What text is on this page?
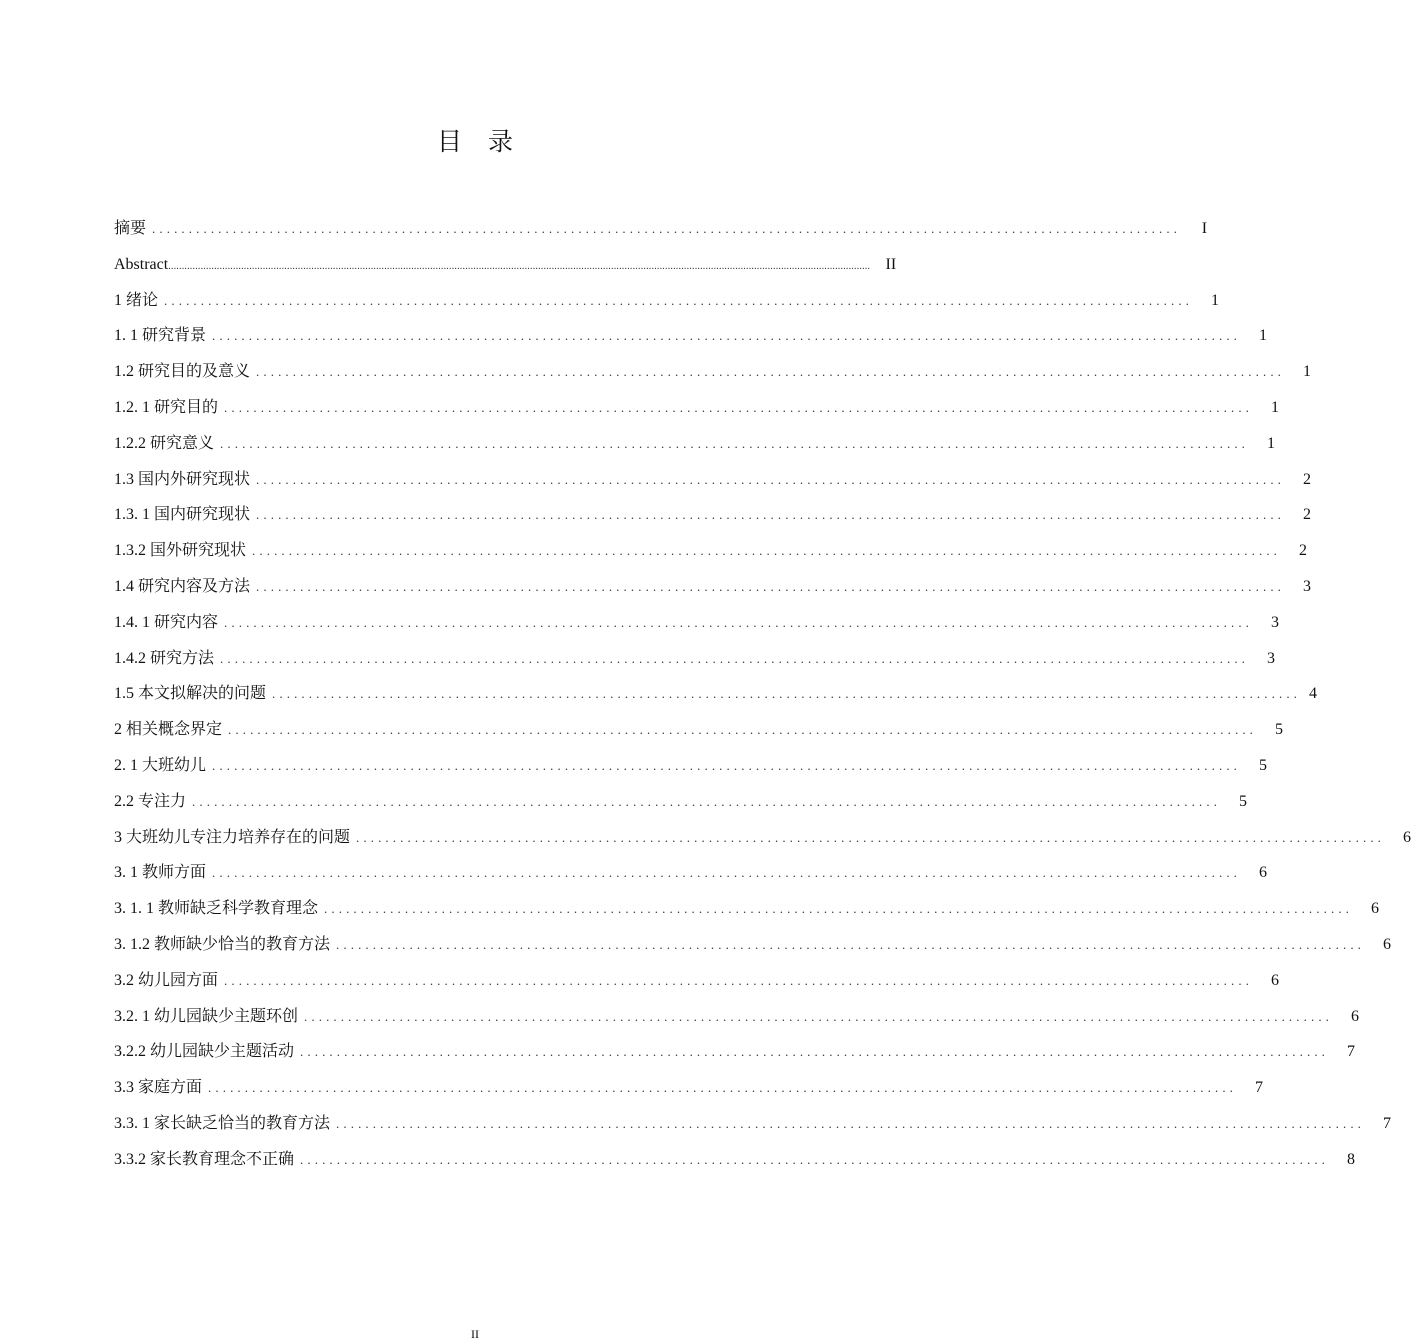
目 录
摘要 ............................................................................................................................................	I
Abstract .................................................................................................................................................................................................................................................................... II
1 绪论 ............................................................................................................................................	1
1. 1 研究背景 ............................................................................................................................................	1
1.2 研究目的及意义 ............................................................................................................................................	1
1.2. 1 研究目的 ............................................................................................................................................	1
1.2.2 研究意义 ............................................................................................................................................	1
1.3 国内外研究现状 ............................................................................................................................................	2
1.3. 1 国内研究现状 ............................................................................................................................................	2
1.3.2 国外研究现状 ............................................................................................................................................	2
1.4 研究内容及方法 ............................................................................................................................................	3
1.4. 1 研究内容 ............................................................................................................................................	3
1.4.2 研究方法 ............................................................................................................................................	3
1.5 本文拟解决的问题 ............................................................................................................................................ 4
2 相关概念界定 ............................................................................................................................................	5
2. 1 大班幼儿 ............................................................................................................................................	5
2.2 专注力 ............................................................................................................................................	5
3 大班幼儿专注力培养存在的问题 ............................................................................................................................................	6
3. 1 教师方面 ............................................................................................................................................	6
3. 1. 1 教师缺乏科学教育理念 ............................................................................................................................................	6
3. 1.2 教师缺少恰当的教育方法 ............................................................................................................................................	6
3.2 幼儿园方面 ............................................................................................................................................	6
3.2. 1 幼儿园缺少主题环创 ............................................................................................................................................	6
3.2.2 幼儿园缺少主题活动 ............................................................................................................................................	7
3.3 家庭方面 ............................................................................................................................................	7
3.3. 1 家长缺乏恰当的教育方法 ............................................................................................................................................	7
3.3.2 家长教育理念不正确 ............................................................................................................................................	8
II
